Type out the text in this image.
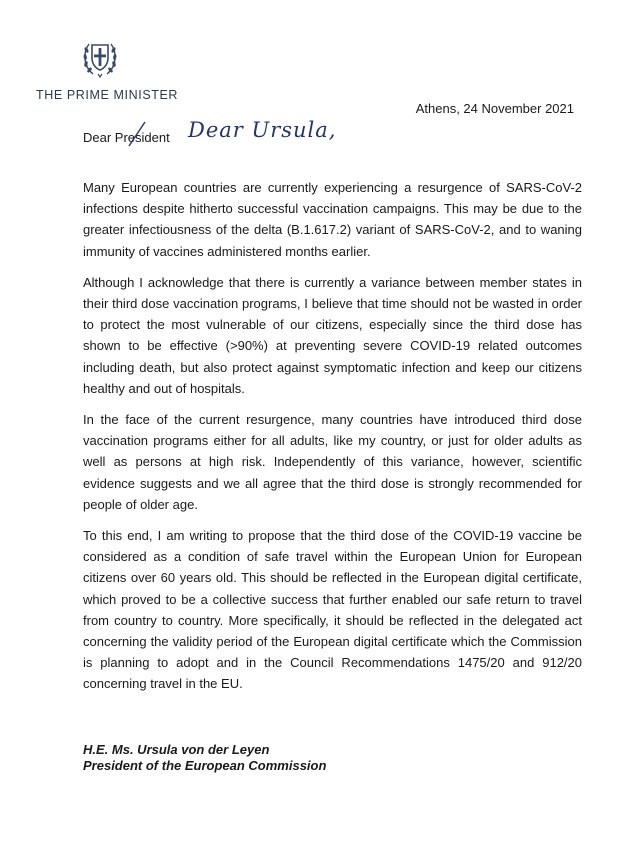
THE PRIME MINISTER
Athens, 24 November 2021
Dear President Dear Ursula,

Many European countries are currently experiencing a resurgence of SARS-CoV-2 infections despite hitherto successful vaccination campaigns. This may be due to the greater infectiousness of the delta (B.1.617.2) variant of SARS-CoV-2, and to waning immunity of vaccines administered months earlier.

Although I acknowledge that there is currently a variance between member states in their third dose vaccination programs, I believe that time should not be wasted in order to protect the most vulnerable of our citizens, especially since the third dose has shown to be effective (>90%) at preventing severe COVID-19 related outcomes including death, but also protect against symptomatic infection and keep our citizens healthy and out of hospitals.

In the face of the current resurgence, many countries have introduced third dose vaccination programs either for all adults, like my country, or just for older adults as well as persons at high risk. Independently of this variance, however, scientific evidence suggests and we all agree that the third dose is strongly recommended for people of older age.

To this end, I am writing to propose that the third dose of the COVID-19 vaccine be considered as a condition of safe travel within the European Union for European citizens over 60 years old. This should be reflected in the European digital certificate, which proved to be a collective success that further enabled our safe return to travel from country to country. More specifically, it should be reflected in the delegated act concerning the validity period of the European digital certificate which the Commission is planning to adopt and in the Council Recommendations 1475/20 and 912/20 concerning travel in the EU.

H.E. Ms. Ursula von der Leyen
President of the European Commission
